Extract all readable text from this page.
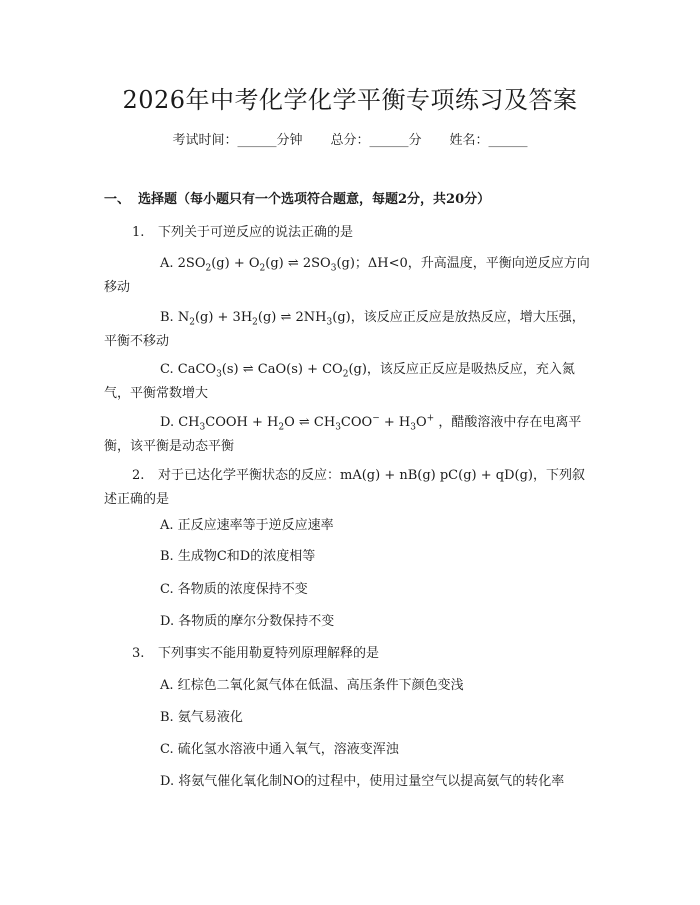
2026年中考化学化学平衡专项练习及答案
考试时间：______分钟 总分：______分 姓名：______
一、 选择题（每小题只有一个选项符合题意，每题2分，共20分）
1. 下列关于可逆反应的说法正确的是
A. $2SO_2(g) + O_2(g)$ ⇌ $2SO_3(g)$；ΔH<0，升高温度，平衡向逆反应方向移动
B. $N_2(g) + 3H_2(g)$ ⇌ $2NH_3(g)$，该反应正反应是放热反应，增大压强，平衡不移动
C. CaCO$_3$(s) ⇌ $CaO(s) + CO_2(g)$，该反应正反应是吸热反应，充入氮气，平衡常数增大
D. $CH_3COOH + H_2O$ ⇌ $CH_3COO^- + H_3O^+$ ，醋酸溶液中存在电离平衡，该平衡是动态平衡
2. 对于已达化学平衡状态的反应：mA(g) + nB(g) pC(g) + qD(g)，下列叙述正确的是
A. 正反应速率等于逆反应速率
B. 生成物C和D的浓度相等
C. 各物质的浓度保持不变
D. 各物质的摩尔分数保持不变
3. 下列事实不能用勒夏特列原理解释的是
A. 红棕色二氧化氮气体在低温、高压条件下颜色变浅
B. 氨气易液化
C. 硫化氢水溶液中通入氧气，溶液变浑浊
D. 将氨气催化氧化制NO的过程中，使用过量空气以提高氨气的转化率
